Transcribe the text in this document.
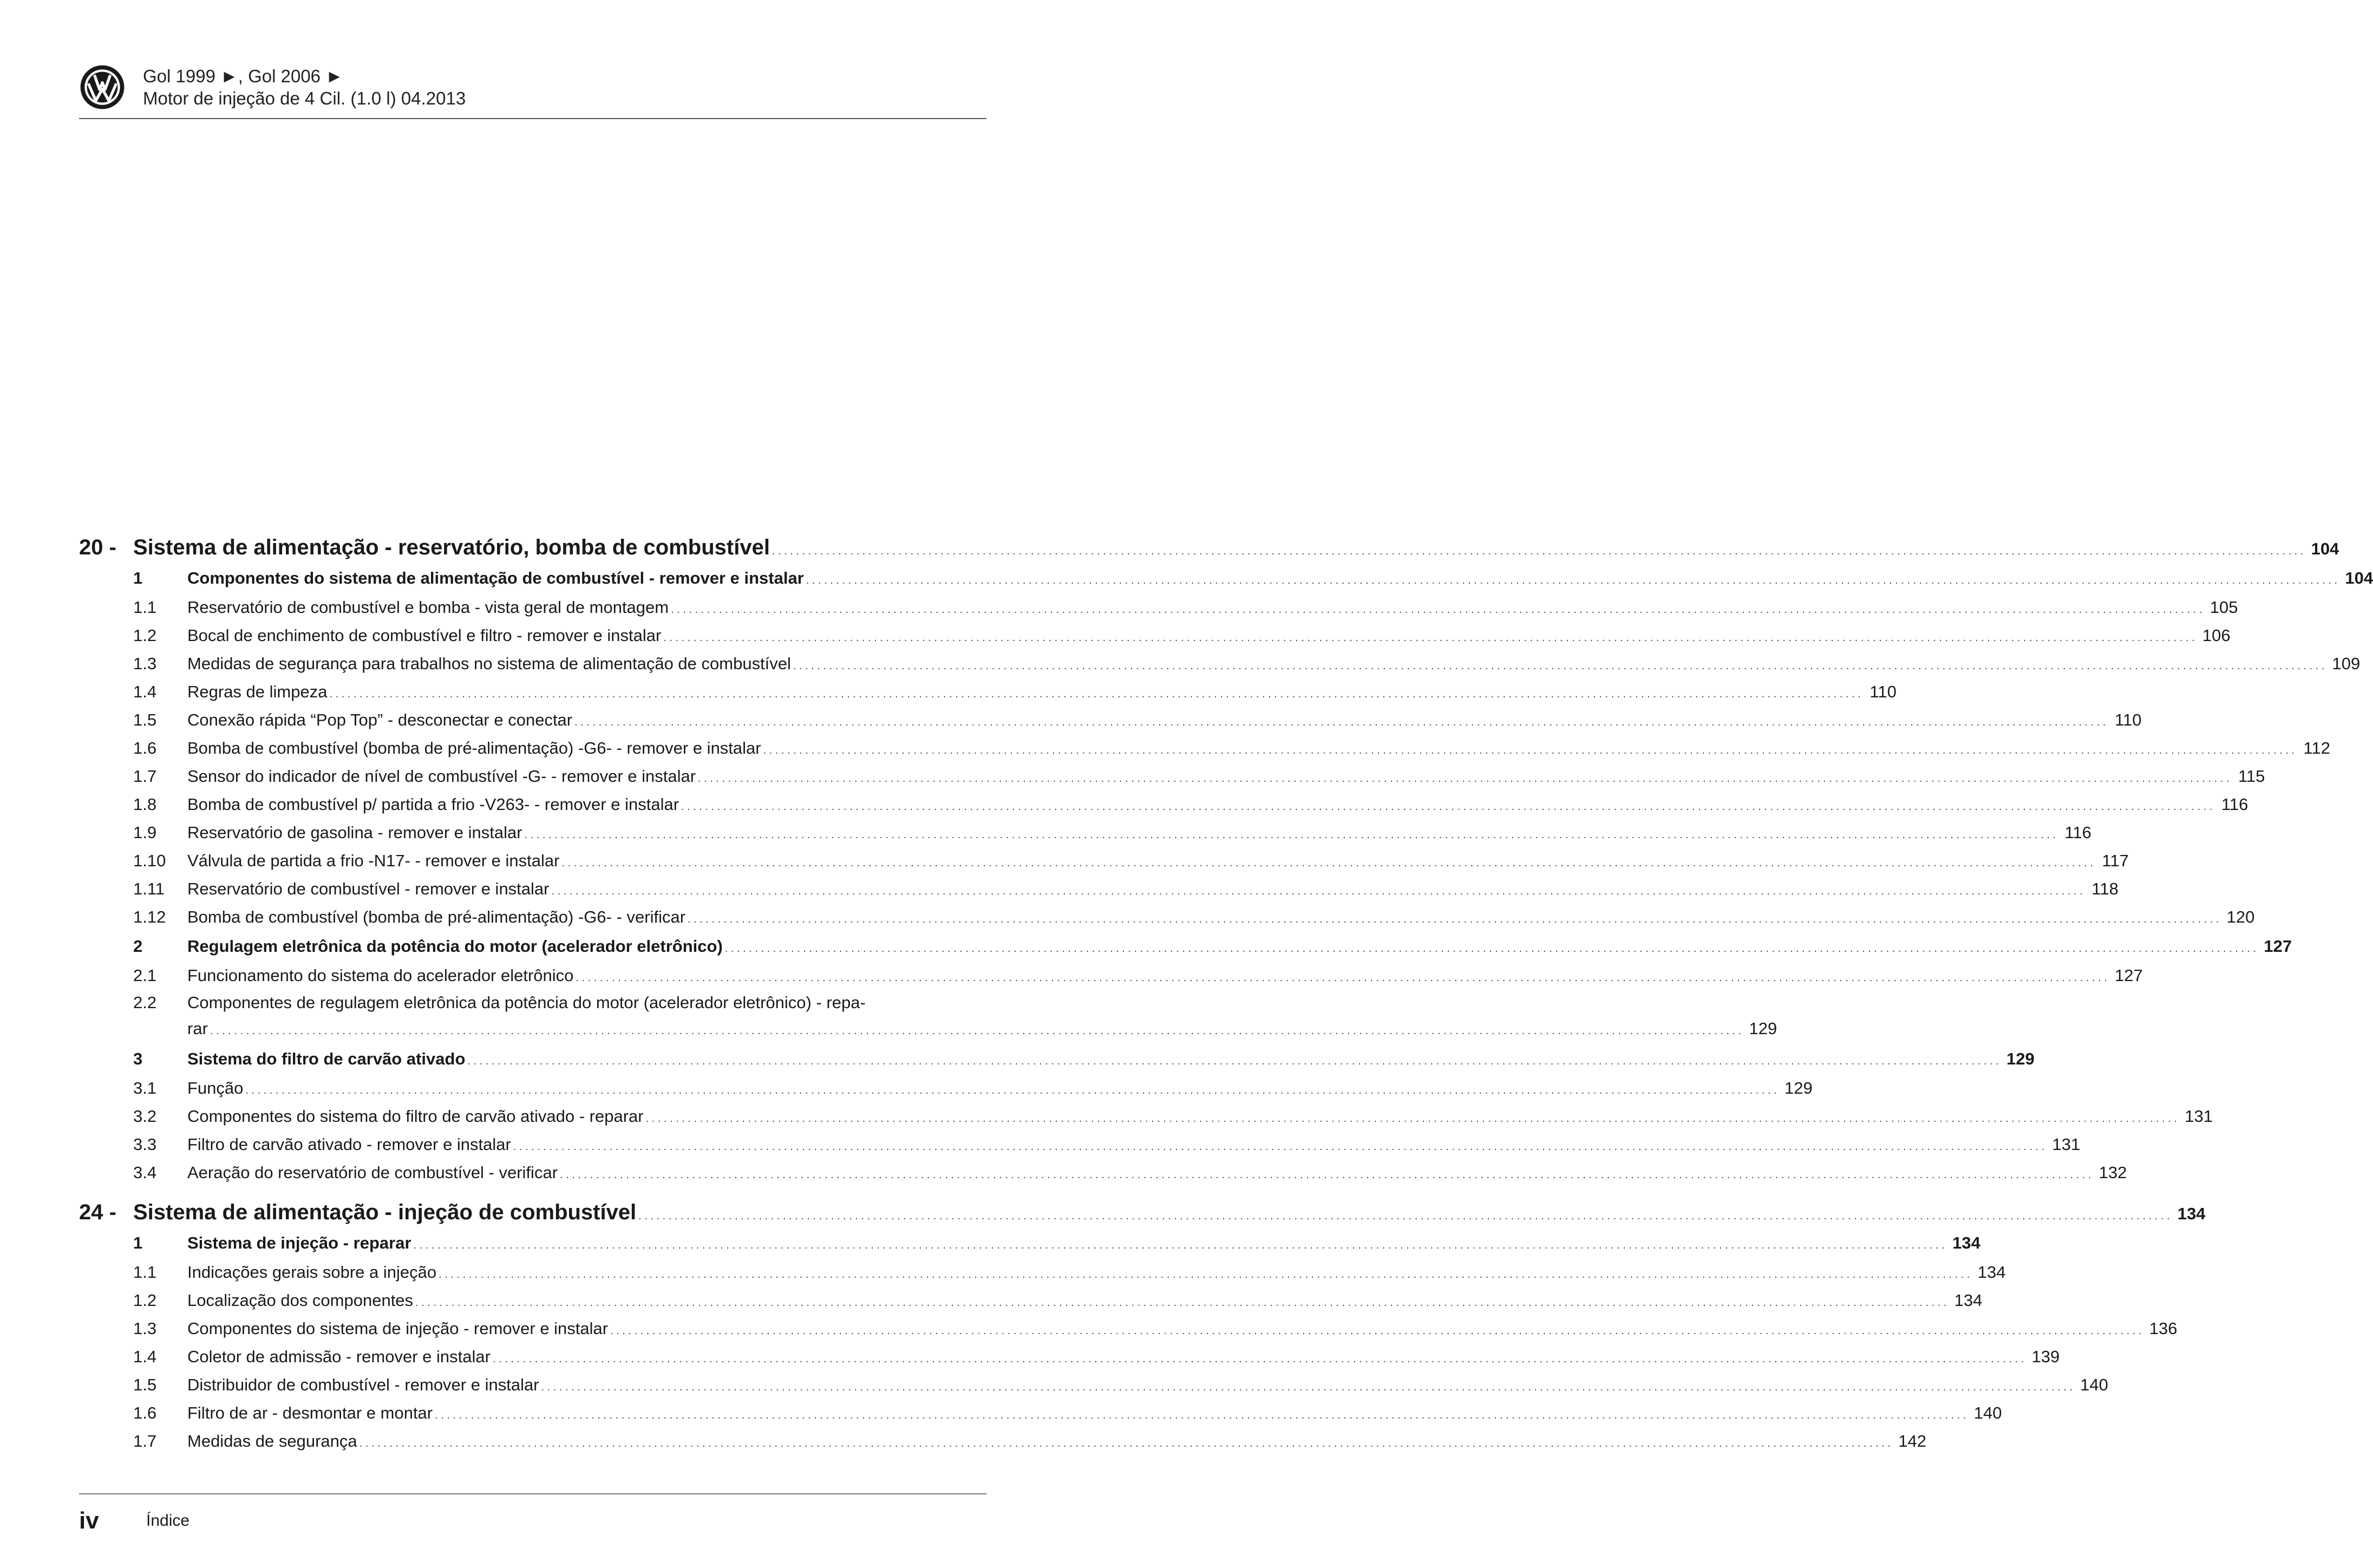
Gol 1999 ►, Gol 2006 ►
Motor de injeção de 4 Cil. (1.0 l) 04.2013
20 - Sistema de alimentação - reservatório, bomba de combustível . . .	104
1	Componentes do sistema de alimentação de combustível - remover e instalar . . .	104
1.1	Reservatório de combustível e bomba - vista geral de montagem . . .	105
1.2	Bocal de enchimento de combustível e filtro - remover e instalar . . .	106
1.3	Medidas de segurança para trabalhos no sistema de alimentação de combustível . . .	109
1.4	Regras de limpeza . . .	110
1.5	Conexão rápida “Pop Top” - desconectar e conectar . . .	110
1.6	Bomba de combustível (bomba de pré-alimentação) -G6- - remover e instalar . . .	112
1.7	Sensor do indicador de nível de combustível -G- - remover e instalar . . .	115
1.8	Bomba de combustível p/ partida a frio -V263- - remover e instalar . . .	116
1.9	Reservatório de gasolina - remover e instalar . . .	116
1.10	Válvula de partida a frio -N17- - remover e instalar . . .	117
1.11	Reservatório de combustível - remover e instalar . . .	118
1.12	Bomba de combustível (bomba de pré-alimentação) -G6- - verificar . . .	120
2	Regulagem eletrônica da potência do motor (acelerador eletrônico) . . .	127
2.1	Funcionamento do sistema do acelerador eletrônico . . .	127
2.2	Componentes de regulagem eletrônica da potência do motor (acelerador eletrônico) - repa-
rar . . .	129
3	Sistema do filtro de carvão ativado . . .	129
3.1	Função . . .	129
3.2	Componentes do sistema do filtro de carvão ativado - reparar . . .	131
3.3	Filtro de carvão ativado - remover e instalar . . .	131
3.4	Aeração do reservatório de combustível - verificar . . .	132
24 - Sistema de alimentação - injeção de combustível . . .	134
1	Sistema de injeção - reparar . . .	134
1.1	Indicações gerais sobre a injeção . . .	134
1.2	Localização dos componentes . . .	134
1.3	Componentes do sistema de injeção - remover e instalar . . .	136
1.4	Coletor de admissão - remover e instalar . . .	139
1.5	Distribuidor de combustível - remover e instalar . . .	140
1.6	Filtro de ar - desmontar e montar . . .	140
1.7	Medidas de segurança . . .	142
iv	Índice
